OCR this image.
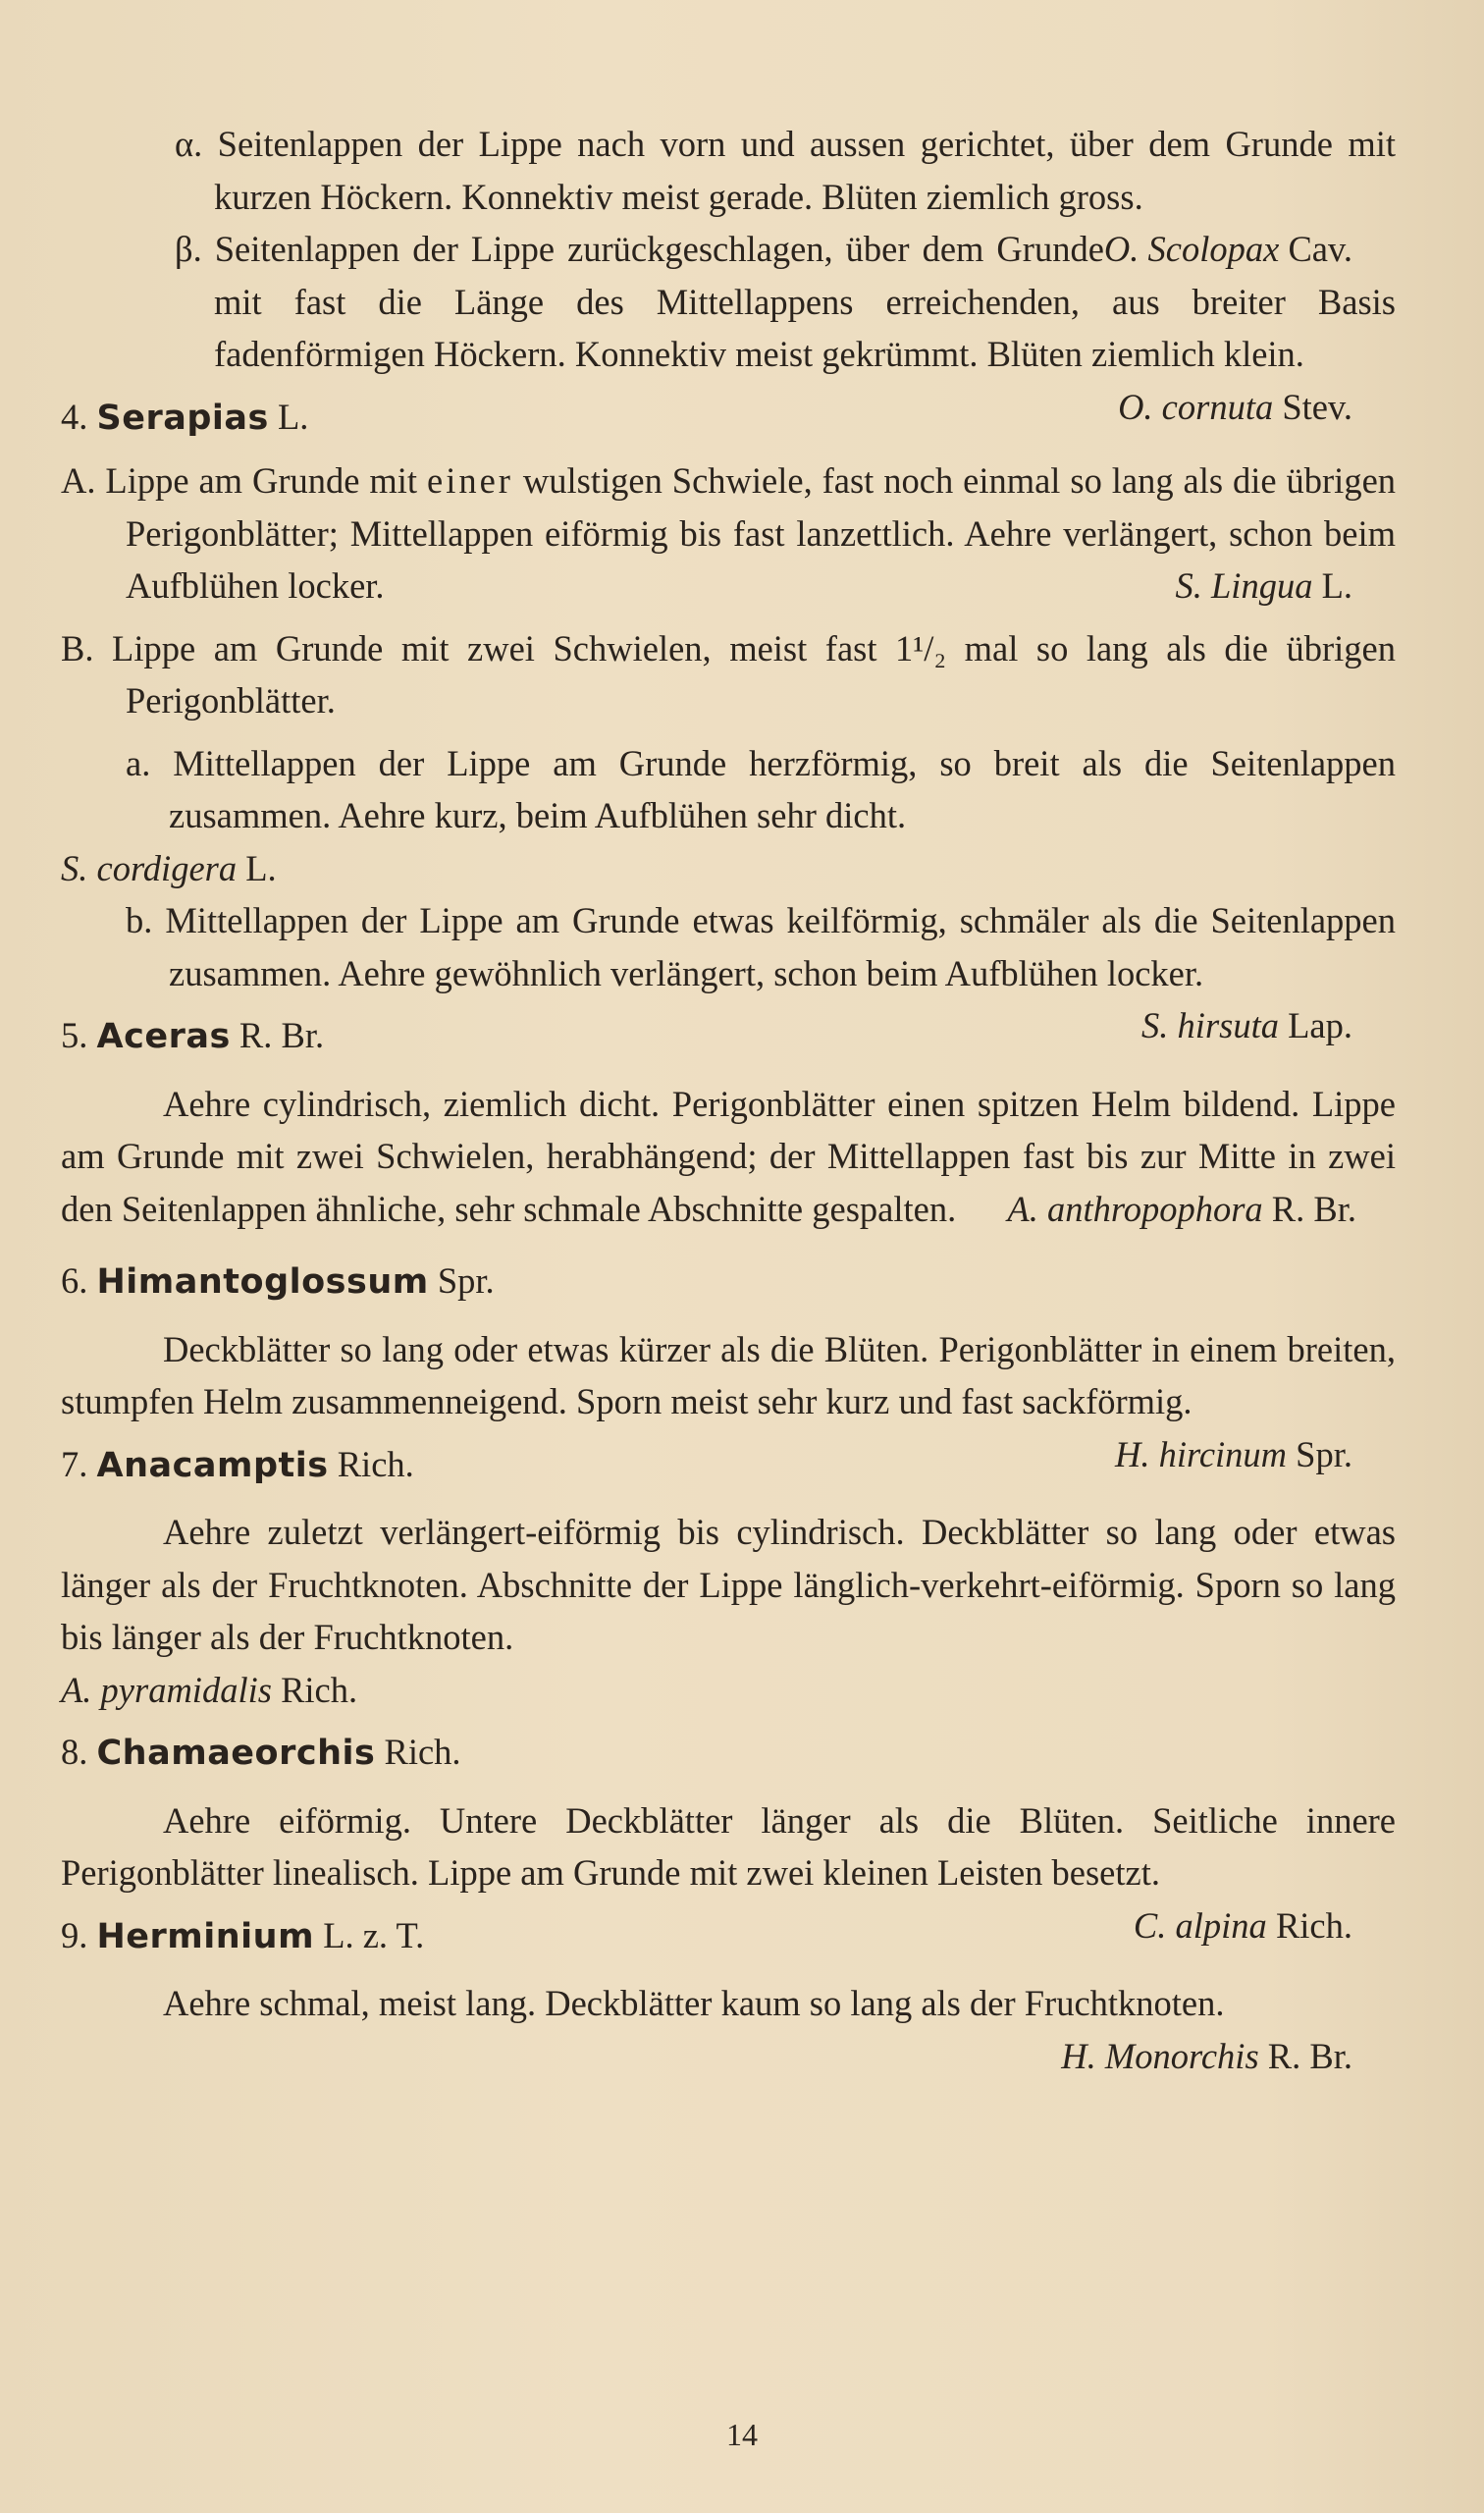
α. Seitenlappen der Lippe nach vorn und aussen gerichtet, über dem Grunde mit kurzen Höckern. Konnektiv meist gerade. Blüten ziemlich gross.
O. Scolopax Cav.

β. Seitenlappen der Lippe zurückgeschlagen, über dem Grunde mit fast die Länge des Mittellappens erreichenden, aus breiter Basis fadenförmigen Höckern. Konnektiv meist gekrümmt. Blüten ziemlich klein.
O. cornuta Stev.

4. Serapias L.

A. Lippe am Grunde mit einer wulstigen Schwiele, fast noch einmal so lang als die übrigen Perigonblätter; Mittellappen eiförmig bis fast lanzettlich. Aehre verlängert, schon beim Aufblühen locker.	S. Lingua L.

B. Lippe am Grunde mit zwei Schwielen, meist fast 1¹/₂ mal so lang als die übrigen Perigonblätter.

a. Mittellappen der Lippe am Grunde herzförmig, so breit als die Seitenlappen zusammen. Aehre kurz, beim Aufblühen sehr dicht.

S. cordigera L.

b. Mittellappen der Lippe am Grunde etwas keilförmig, schmäler als die Seitenlappen zusammen. Aehre gewöhnlich verlängert, schon beim Aufblühen locker.
S. hirsuta Lap.

5. Aceras R. Br.

Aehre cylindrisch, ziemlich dicht. Perigonblätter einen spitzen Helm bildend. Lippe am Grunde mit zwei Schwielen, herabhängend; der Mittellappen fast bis zur Mitte in zwei den Seitenlappen ähnliche, sehr schmale Abschnitte gespalten. A. anthropophora R. Br.

6. Himantoglossum Spr.

Deckblätter so lang oder etwas kürzer als die Blüten. Perigonblätter in einem breiten, stumpfen Helm zusammenneigend. Sporn meist sehr kurz und fast sackförmig.
H. hircinum Spr.

7. Anacamptis Rich.

Aehre zuletzt verlängert-eiförmig bis cylindrisch. Deckblätter so lang oder etwas länger als der Fruchtknoten. Abschnitte der Lippe länglich-verkehrt-eiförmig. Sporn so lang bis länger als der Fruchtknoten.

A. pyramidalis Rich.

8. Chamaeorchis Rich.

Aehre eiförmig. Untere Deckblätter länger als die Blüten. Seitliche innere Perigonblätter linealisch. Lippe am Grunde mit zwei kleinen Leisten besetzt.
C. alpina Rich.

9. Herminium L. z. T.

Aehre schmal, meist lang. Deckblätter kaum so lang als der Fruchtknoten.
H. Monorchis R. Br.

14
